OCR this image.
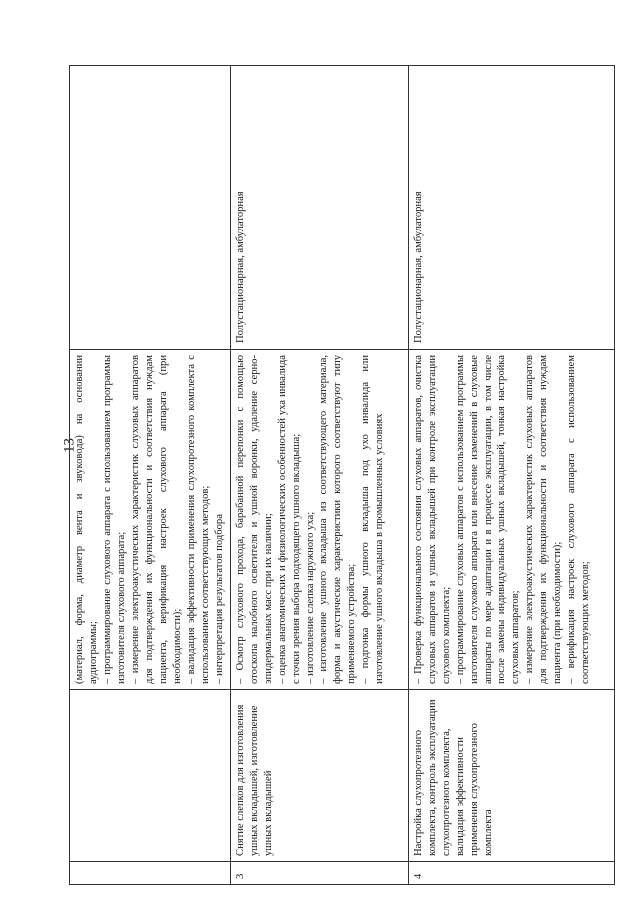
13

		(материал, форма, диаметр вента и звуковода) на основании аудиограммы; – программирование слухового аппарата с использованием программы изготовителя слухового аппарата; – измерение электроакустических характеристик слуховых аппаратов для подтверждения их функциональности и соответствия нуждам пациента, верификация настроек слухового аппарата (при необходимости); – валидация эффективности применения слухопротезного комплекта с использованием соответствующих методов; – интерпретация результатов подбора	

3	Снятие слепков для изготовления ушных вкладышей, изготовление ушных вкладышей	– Осмотр слухового прохода, барабанной перепонки с помощью отоскопа налобного осветителя и ушной воронки, удаление серно-эпидермальных масс при их наличии; – оценка анатомических и физиологических особенностей уха инвалида с точки зрения выбора подходящего ушного вкладыша; – изготовление слепка наружного уха; – изготовление ушного вкладыша из соответствующего материала, форма и акустические характеристики которого соответствуют типу применяемого устройства; – подгонка формы ушного вкладыша под ухо инвалида или изготовление ушного вкладыша в промышленных условиях	Полустационарная, амбулаторная
4	Настройка слухопротезного комплекта, контроль эксплуатации слухопротезного комплекта, валидация эффективности применения слухопротезного комплекта	– Проверка функционального состояния слуховых аппаратов, очистка слуховых аппаратов и ушных вкладышей при контроле эксплуатации слухового комплекта; – программирование слуховых аппаратов с использованием программы изготовителя слухового аппарата или внесение изменений в слуховые аппараты по мере адаптации и в процессе эксплуатации, в том числе после замены индивидуальных ушных вкладышей, тонкая настройка слуховых аппаратов; – измерение электроакустических характеристик слуховых аппаратов для подтверждения их функциональности и соответствия нуждам пациента (при необходимости); – верификация настроек слухового аппарата с использованием соответствующих методов;	Полустационарная, амбулаторная
